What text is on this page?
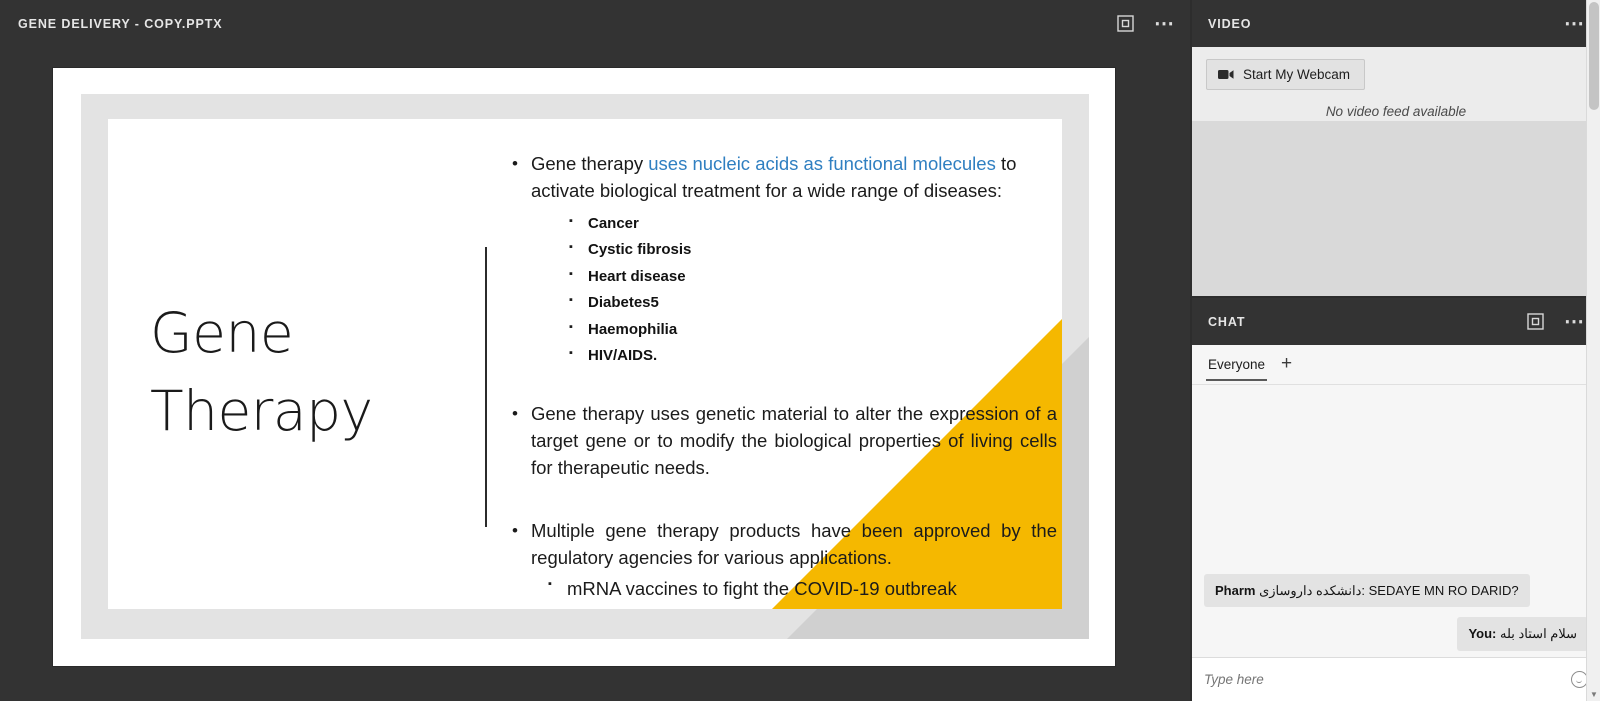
GENE DELIVERY - COPY.PPTX	⋯
Gene
Therapy
• Gene therapy uses nucleic acids as functional molecules to activate biological treatment for a wide range of diseases:
▪	Cancer
▪	Cystic fibrosis
▪	Heart disease
▪	Diabetes5
▪	Haemophilia
▪	HIV/AIDS.
• Gene therapy uses genetic material to alter the expression of a target gene or to modify the biological properties of living cells for therapeutic needs.
• Multiple gene therapy products have been approved by the regulatory agencies for various applications.
▪ mRNA vaccines to fight the COVID-19 outbreak
VIDEO	⋯
Start My Webcam
No video feed available
CHAT	⋯
Everyone +
Pharm دانشکده داروسازی: SEDAYE MN RO DARID?
You: سلام استاد بله
Type here
▼
